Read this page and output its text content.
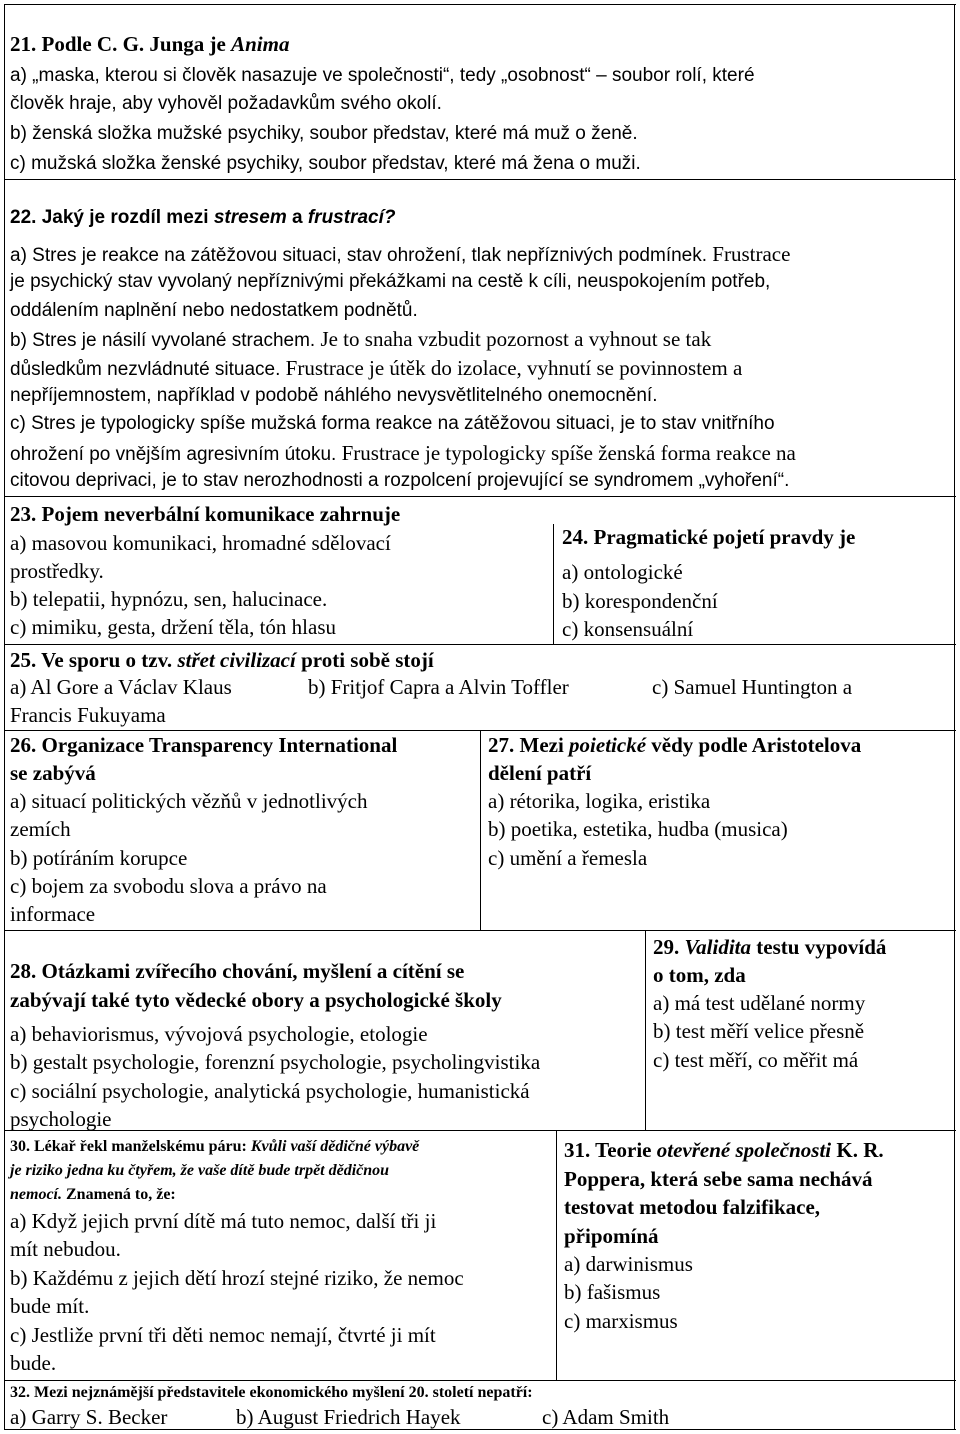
21. Podle C. G. Junga je Anima
a) „maska, kterou si člověk nasazuje ve společnosti“, tedy „osobnost“ – soubor rolí, které
člověk hraje, aby vyhověl požadavkům svého okolí.
b) ženská složka mužské psychiky, soubor představ, které má muž o ženě.
c) mužská složka ženské psychiky, soubor představ, které má žena o muži.
22. Jaký je rozdíl mezi stresem a frustrací?
a) Stres je reakce na zátěžovou situaci, stav ohrožení, tlak nepříznivých podmínek. Frustrace
je psychický stav vyvolaný nepříznivými překážkami na cestě k cíli, neuspokojením potřeb,
oddálením naplnění nebo nedostatkem podnětů.
b) Stres je násilí vyvolané strachem. Je to snaha vzbudit pozornost a vyhnout se tak
důsledkům nezvládnuté situace. Frustrace je útěk do izolace, vyhnutí se povinnostem a
nepříjemnostem, například v podobě náhlého nevysvětlitelného onemocnění.
c) Stres je typologicky spíše mužská forma reakce na zátěžovou situaci, je to stav vnitřního
ohrožení po vnějším agresivním útoku. Frustrace je typologicky spíše ženská forma reakce na
citovou deprivaci, je to stav nerozhodnosti a rozpolcení projevující se syndromem „vyhoření“.
23. Pojem neverbální komunikace zahrnuje
a) masovou komunikaci, hromadné sdělovací
prostředky.
b) telepatii, hypnózu, sen, halucinace.
c) mimiku, gesta, držení těla, tón hlasu
24. Pragmatické pojetí pravdy je
a) ontologické
b) korespondenční
c) konsensuální
25. Ve sporu o tzv. střet civilizací proti sobě stojí
a) Al Gore a Václav Klaus	b) Fritjof Capra a Alvin Toffler	c) Samuel Huntington a
Francis Fukuyama
26. Organizace Transparency International
se zabývá
a) situací politických vězňů v jednotlivých
zemích
b) potíráním korupce
c) bojem za svobodu slova a právo na
informace
27. Mezi poietické vědy podle Aristotelova
dělení patří
a) rétorika, logika, eristika
b) poetika, estetika, hudba (musica)
c) umění a řemesla
28. Otázkami zvířecího chování, myšlení a cítění se
zabývají také tyto vědecké obory a psychologické školy
a) behaviorismus, vývojová psychologie, etologie
b) gestalt psychologie, forenzní psychologie, psycholingvistika
c) sociální psychologie, analytická psychologie, humanistická
psychologie
29. Validita testu vypovídá
o tom, zda
a) má test udělané normy
b) test měří velice přesně
c) test měří, co měřit má
30. Lékař řekl manželskému páru: Kvůli vaší dědičné výbavě
je riziko jedna ku čtyřem, že vaše dítě bude trpět dědičnou
nemocí. Znamená to, že:
a) Když jejich první dítě má tuto nemoc, další tři ji
mít nebudou.
b) Každému z jejich dětí hrozí stejné riziko, že nemoc
bude mít.
c) Jestliže první tři děti nemoc nemají, čtvrté ji mít
bude.
31. Teorie otevřené společnosti K. R.
Poppera, která sebe sama nechává
testovat metodou falzifikace,
připomíná
a) darwinismus
b) fašismus
c) marxismus
32. Mezi nejznámější představitele ekonomického myšlení 20. století nepatří:
a) Garry S. Becker	b) August Friedrich Hayek	c) Adam Smith
